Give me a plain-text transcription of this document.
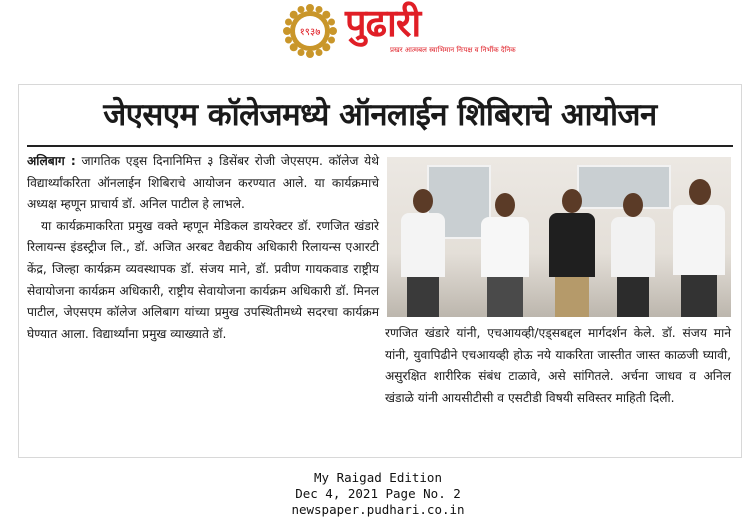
१९३७ पुढारी
प्रखर आत्मबल स्वाभिमान निःपक्ष व निर्भीक दैनिक
जेएसएम कॉलेजमध्ये ऑनलाईन शिबिराचे आयोजन

अलिबाग : जागतिक एड्स दिनानिमित्त ३ डिसेंबर रोजी जेएसएम. कॉलेज येथे विद्यार्थ्यांकरिता ऑनलाईन शिबिराचे आयोजन करण्यात आले. या कार्यक्रमाचे अध्यक्ष म्हणून प्राचार्य डॉ. अनिल पाटील हे लाभले.

या कार्यक्रमाकरिता प्रमुख वक्ते म्हणून मेडिकल डायरेक्टर डॉ. रणजित खंडारे रिलायन्स इंडस्ट्रीज लि., डॉ. अजित अरबट वैद्यकीय अधिकारी रिलायन्स एआरटी केंद्र, जिल्हा कार्यक्रम व्यवस्थापक डॉ. संजय माने, डॉ. प्रवीण गायकवाड राष्ट्रीय सेवायोजना कार्यक्रम अधिकारी, राष्ट्रीय सेवायोजना कार्यक्रम अधिकारी डॉ. मिनल पाटील, जेएसएम कॉलेज अलिबाग यांच्या प्रमुख उपस्थितीमध्ये सदरचा कार्यक्रम घेण्यात आला. विद्यार्थ्यांना प्रमुख व्याख्याते डॉ.	रणजित खंडारे यांनी, एचआयव्ही/एड्सबद्दल मार्गदर्शन केले. डॉ. संजय माने यांनी, युवापिढीने एचआयव्ही होऊ नये याकरिता जास्तीत जास्त काळजी घ्यावी, असुरक्षित शारीरिक संबंध टाळावे, असे सांगितले. अर्चना जाधव व अनिल खंडाळे यांनी आयसीटीसी व एसटीडी विषयी सविस्तर माहिती दिली.

My Raigad Edition
Dec 4, 2021 Page No. 2
newspaper.pudhari.co.in
